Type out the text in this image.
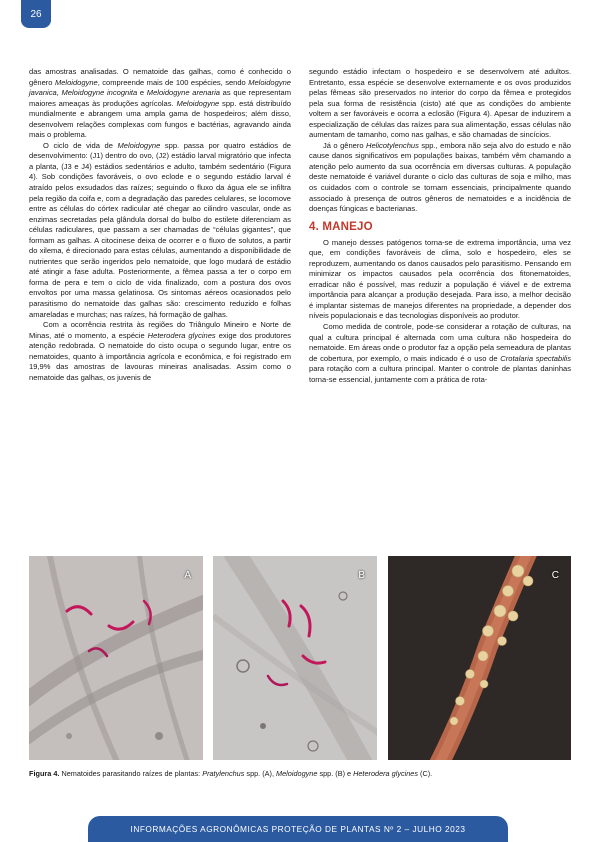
26

das amostras analisadas. O nematoide das galhas, como é conhecido o gênero Meloidogyne, compreende mais de 100 espécies, sendo Meloidogyne javanica, Meloidogyne incognita e Meloidogyne arenaria as que representam maiores ameaças às produções agrícolas. Meloidogyne spp. está distribuído mundialmente e abrangem uma ampla gama de hospedeiros; além disso, desenvolvem relações complexas com fungos e bactérias, agravando ainda mais o problema.

O ciclo de vida de Meloidogyne spp. passa por quatro estádios de desenvolvimento: (J1) dentro do ovo, (J2) estádio larval migratório que infecta a planta, (J3 e J4) estádios sedentários e adulto, também sedentário (Figura 4). Sob condições favoráveis, o ovo eclode e o segundo estádio larval é atraído pelos exsudados das raízes; seguindo o fluxo da água ele se infiltra pela região da coifa e, com a degradação das paredes celulares, se locomove entre as células do córtex radicular até chegar ao cilindro vascular, onde as enzimas secretadas pela glândula dorsal do bulbo do estilete diferenciam as células radiculares, que passam a ser chamadas de “células gigantes”, que formam as galhas. A citocinese deixa de ocorrer e o fluxo de solutos, a partir do xilema, é direcionado para estas células, aumentando a disponibilidade de nutrientes que serão ingeridos pelo nematoide, que logo mudará de estádio até atingir a fase adulta. Posteriormente, a fêmea passa a ter o corpo em forma de pera e tem o ciclo de vida finalizado, com a postura dos ovos envoltos por uma massa gelatinosa. Os sintomas aéreos ocasionados pelo parasitismo do nematoide das galhas são: crescimento reduzido e folhas amareladas e murchas; nas raízes, há formação de galhas.

Com a ocorrência restrita às regiões do Triângulo Mineiro e Norte de Minas, até o momento, a espécie Heterodera glycines exige dos produtores atenção redobrada. O nematoide do cisto ocupa o segundo lugar, entre os nematoides, quanto à importância agrícola e econômica, e foi registrado em 19,9% das amostras de lavouras mineiras analisadas. Assim como o nematoide das galhas, os juvenis de

segundo estádio infectam o hospedeiro e se desenvolvem até adultos. Entretanto, essa espécie se desenvolve externamente e os ovos produzidos pelas fêmeas são preservados no interior do corpo da fêmea e protegidos pela sua forma de resistência (cisto) até que as condições do ambiente voltem a ser favoráveis e ocorra a eclosão (Figura 4). Apesar de induzirem a especialização de células das raízes para sua alimentação, essas células não aumentam de tamanho, como nas galhas, e são chamadas de sincícios.

Já o gênero Helicotylenchus spp., embora não seja alvo do estudo e não cause danos significativos em populações baixas, também vêm chamando a atenção pelo aumento da sua ocorrência em diversas culturas. A população deste nematoide é variável durante o ciclo das culturas de soja e milho, mas os cuidados com o controle se tornam essenciais, principalmente quando associado à presença de outros gêneros de nematoides e a incidência de doenças fúngicas e bacterianas.

4. MANEJO

O manejo desses patógenos torna-se de extrema importância, uma vez que, em condições favoráveis de clima, solo e hospedeiro, eles se reproduzem, aumentando os danos causados pelo parasitismo. Pensando em minimizar os impactos causados pela ocorrência dos fitonematoides, erradicar não é possível, mas reduzir a população é viável e de extrema importância para alcançar a produção desejada. Para isso, a melhor decisão é implantar sistemas de manejos diferentes na propriedade, a depender dos níveis populacionais e das tecnologias disponíveis ao produtor.

Como medida de controle, pode-se considerar a rotação de culturas, na qual a cultura principal é alternada com uma cultura não hospedeira do nematoide. Em áreas onde o produtor faz a opção pela semeadura de plantas de cobertura, por exemplo, o mais indicado é o uso de Crotalaria spectabilis para rotação com a cultura principal. Manter o controle de plantas daninhas torna-se essencial, juntamente com a prática de rota-

A	B	C
Figura 4. Nematoides parasitando raízes de plantas: Pratylenchus spp. (A), Meloidogyne spp. (B) e Heterodera glycines (C).
INFORMAÇÕES AGRONÔMICAS PROTEÇÃO DE PLANTAS Nº 2 – JULHO 2023
